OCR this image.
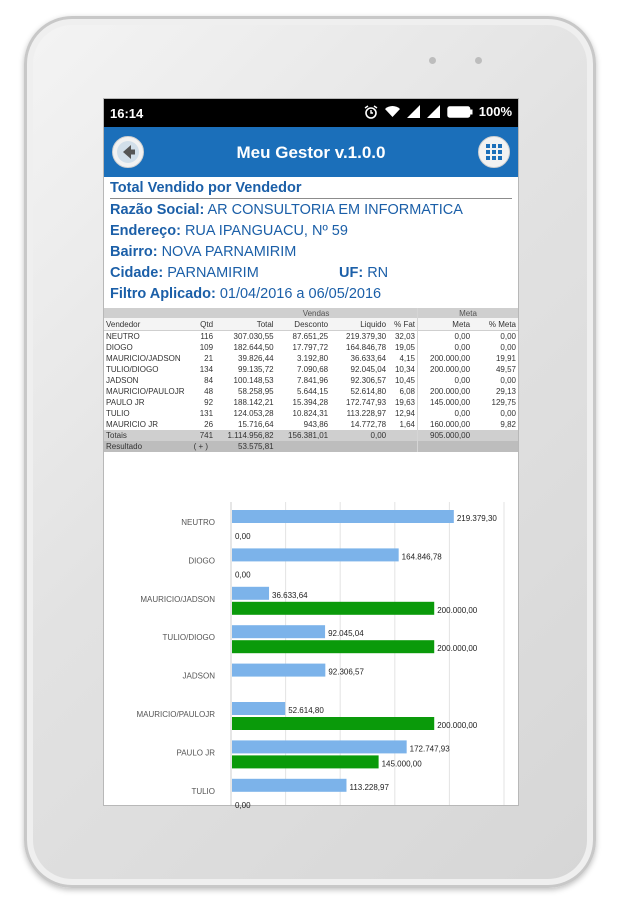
16:14	100%
Meu Gestor v.1.0.0
Total Vendido por Vendedor
Razão Social: AR CONSULTORIA EM INFORMATICA
Endereço: RUA IPANGUACU, Nº 59
Bairro: NOVA PARNAMIRIM
Cidade: PARNAMIRIM	UF: RN
Filtro Aplicado: 01/04/2016 a 06/05/2016
		Vendas				Meta	
Vendedor	Qtd	Total	Desconto	Liquido	% Fat	Meta	% Meta
NEUTRO	116	307.030,55	87.651,25	219.379,30	32,03	0,00	0,00
DIOGO	109	182.644,50	17.797,72	164.846,78	19,05	0,00	0,00
MAURICIO/JADSON	21	39.826,44	3.192,80	36.633,64	4,15	200.000,00	19,91
TULIO/DIOGO	134	99.135,72	7.090,68	92.045,04	10,34	200.000,00	49,57
JADSON	84	100.148,53	7.841,96	92.306,57	10,45	0,00	0,00
MAURICIO/PAULOJR	48	58.258,95	5.644,15	52.614,80	6,08	200.000,00	29,13
PAULO JR	92	188.142,21	15.394,28	172.747,93	19,63	145.000,00	129,75
TULIO	131	124.053,28	10.824,31	113.228,97	12,94	0,00	0,00
MAURICIO JR	26	15.716,64	943,86	14.772,78	1,64	160.000,00	9,82
Totais	741	1.114.956,82	156.381,01	0,00		905.000,00	
Resultado	( + )	53.575,81					
NEUTRO	219.379,30
0,00
DIOGO	164.846,78
0,00
MAURICIO/JADSON	36.633,64
200.000,00
TULIO/DIOGO	92.045,04
200.000,00
JADSON	92.306,57
MAURICIO/PAULOJR	52.614,80
200.000,00
PAULO JR	172.747,93
145.000,00
TULIO	113.228,97
0,00
